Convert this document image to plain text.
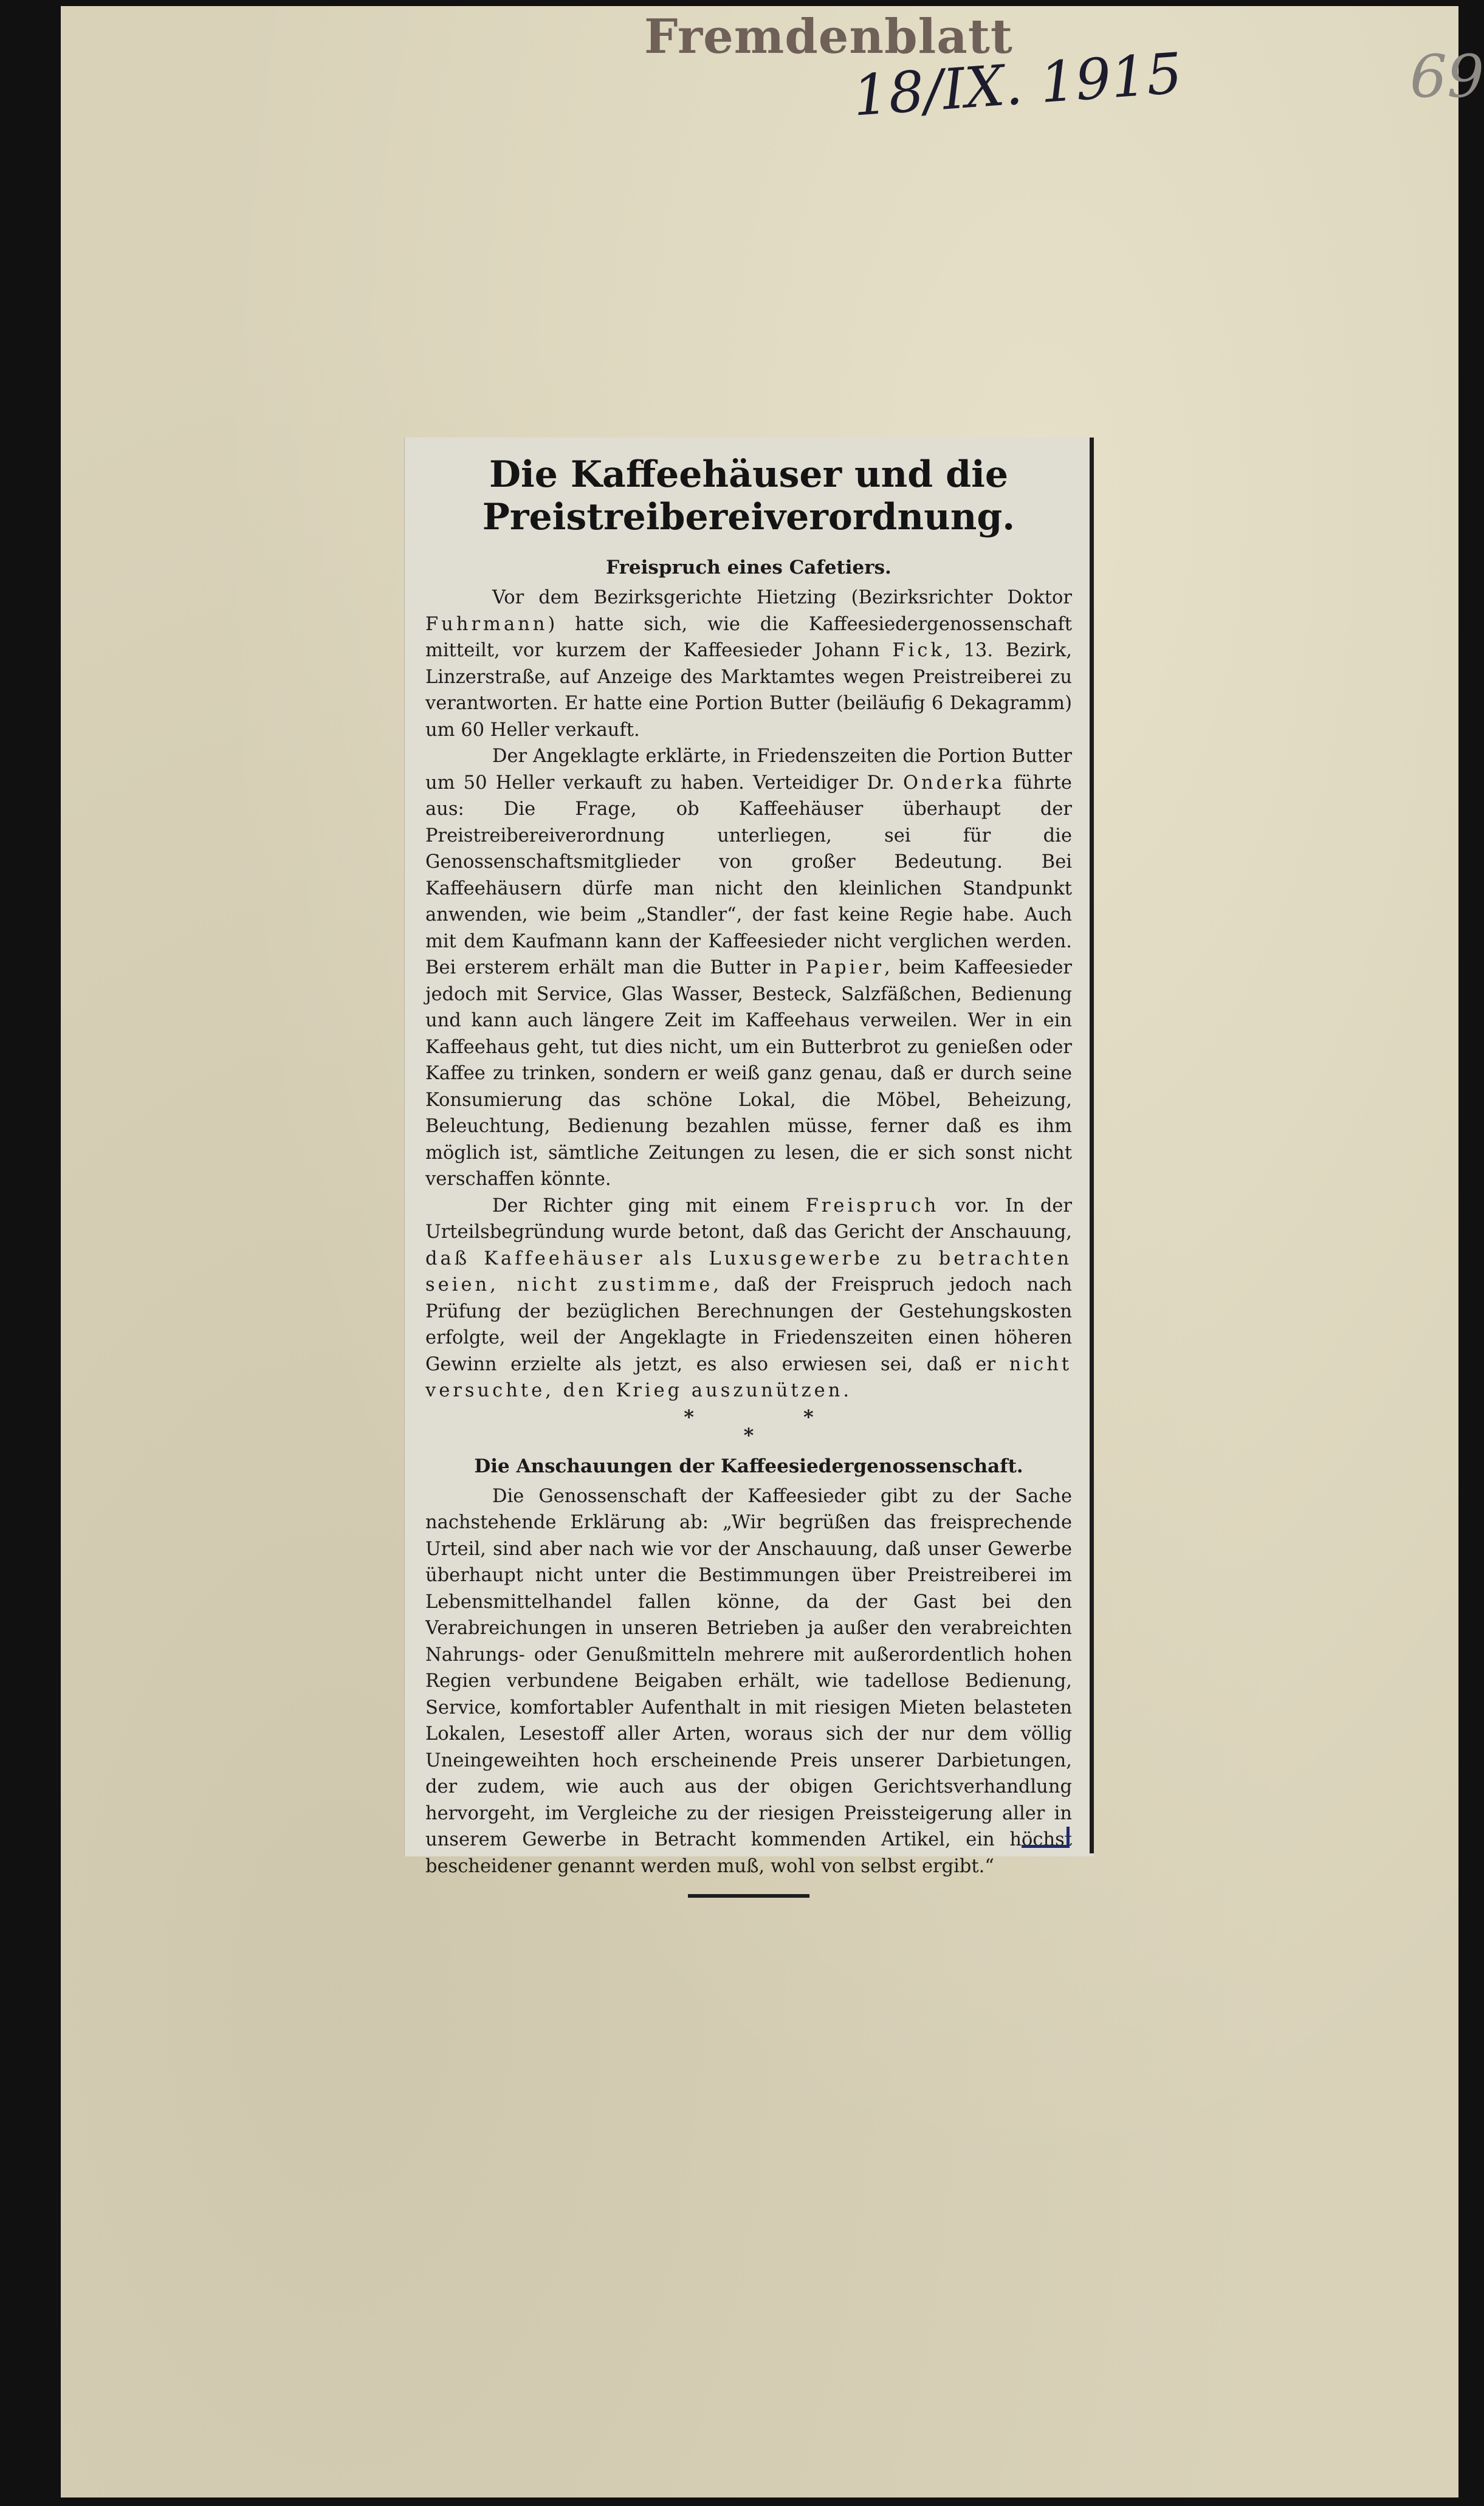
Fremdenblatt
18/IX. 1915	69
Die Kaffeehäuser und die Preistreibereiverordnung.
Freispruch eines Cafetiers.

Vor dem Bezirksgerichte Hietzing (Bezirksrichter Doktor Fuhrmann) hatte sich, wie die Kaffeesiedergenossenschaft mitteilt, vor kurzem der Kaffeesieder Johann Fick, 13. Bezirk, Linzerstraße, auf Anzeige des Marktamtes wegen Preistreiberei zu verantworten. Er hatte eine Portion Butter (beiläufig 6 Dekagramm) um 60 Heller verkauft.

Der Angeklagte erklärte, in Friedenszeiten die Portion Butter um 50 Heller verkauft zu haben. Verteidiger Dr. Onderka führte aus: Die Frage, ob Kaffeehäuser überhaupt der Preistreibereiverordnung unterliegen, sei für die Genossenschaftsmitglieder von großer Bedeutung. Bei Kaffeehäusern dürfe man nicht den kleinlichen Standpunkt anwenden, wie beim „Standler“, der fast keine Regie habe. Auch mit dem Kaufmann kann der Kaffeesieder nicht verglichen werden. Bei ersterem erhält man die Butter in Papier, beim Kaffeesieder jedoch mit Service, Glas Wasser, Besteck, Salzfäßchen, Bedienung und kann auch längere Zeit im Kaffeehaus verweilen. Wer in ein Kaffeehaus geht, tut dies nicht, um ein Butterbrot zu genießen oder Kaffee zu trinken, sondern er weiß ganz genau, daß er durch seine Konsumierung das schöne Lokal, die Möbel, Beheizung, Beleuchtung, Bedienung bezahlen müsse, ferner daß es ihm möglich ist, sämtliche Zeitungen zu lesen, die er sich sonst nicht verschaffen könnte.

Der Richter ging mit einem Freispruch vor. In der Urteilsbegründung wurde betont, daß das Gericht der Anschauung, daß Kaffeehäuser als Luxusgewerbe zu betrachten seien, nicht zustimme, daß der Freispruch jedoch nach Prüfung der bezüglichen Berechnungen der Gestehungskosten erfolgte, weil der Angeklagte in Friedenszeiten einen höheren Gewinn erzielte als jetzt, es also erwiesen sei, daß er nicht versuchte, den Krieg auszunützen.

*	*
*
Die Anschauungen der Kaffeesiedergenossenschaft.

Die Genossenschaft der Kaffeesieder gibt zu der Sache nachstehende Erklärung ab: „Wir begrüßen das freisprechende Urteil, sind aber nach wie vor der Anschauung, daß unser Gewerbe überhaupt nicht unter die Bestimmungen über Preistreiberei im Lebensmittelhandel fallen könne, da der Gast bei den Verabreichungen in unseren Betrieben ja außer den verabreichten Nahrungs- oder Genußmitteln mehrere mit außerordentlich hohen Regien verbundene Beigaben erhält, wie tadellose Bedienung, Service, komfortabler Aufenthalt in mit riesigen Mieten belasteten Lokalen, Lesestoff aller Arten, woraus sich der nur dem völlig Uneingeweihten hoch erscheinende Preis unserer Darbietungen, der zudem, wie auch aus der obigen Gerichtsverhandlung hervorgeht, im Vergleiche zu der riesigen Preissteigerung aller in unserem Gewerbe in Betracht kommenden Artikel, ein höchst bescheidener genannt werden muß, wohl von selbst ergibt.“
